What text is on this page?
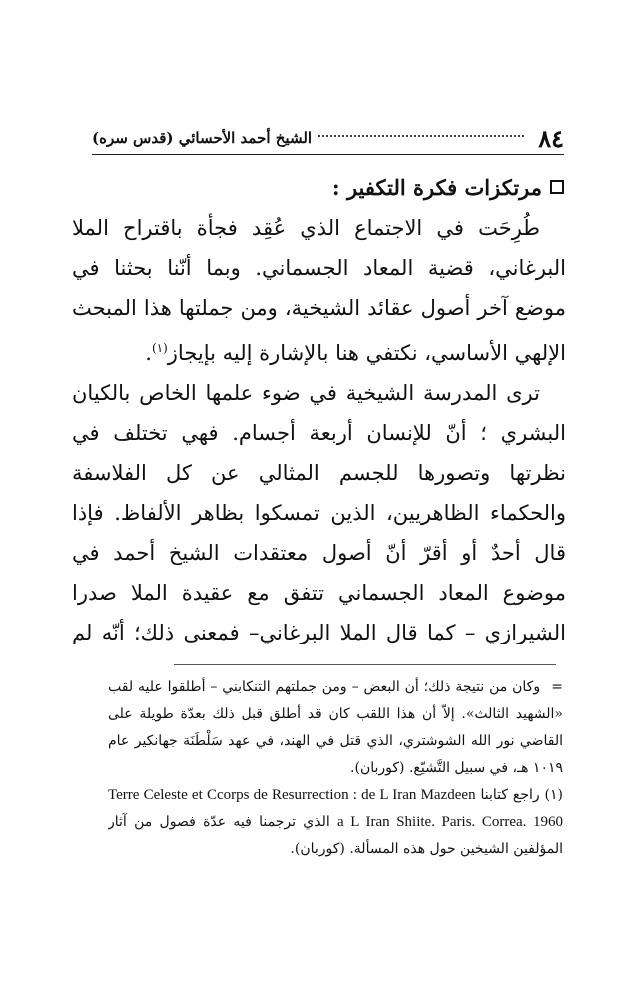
٨٤
الشيخ أحمد الأحسائي (قدس سره)
مرتكزات فكرة التكفير :

طُرِحَت في الاجتماع الذي عُقِد فجأة باقتراح الملا البرغاني، قضية المعاد الجسماني. وبما أنّنا بحثنا في موضع آخر أصول عقائد الشيخية، ومن جملتها هذا المبحث الإلهي الأساسي، نكتفي هنا بالإشارة إليه بإيجاز$^{(١)}$.

ترى المدرسة الشيخية في ضوء علمها الخاص بالكيان البشري ؛ أنّ للإنسان أربعة أجسام. فهي تختلف في نظرتها وتصورها للجسم المثالي عن كل الفلاسفة والحكماء الظاهريين، الذين تمسكوا بظاهر الألفاظ. فإذا قال أحدٌ أو أقرّ أنّ أصول معتقدات الشيخ أحمد في موضوع المعاد الجسماني تتفق مع عقيدة الملا صدرا الشيرازي – كما قال الملا البرغاني– فمعنى ذلك؛ أنّه لم

= وكان من نتيجة ذلك؛ أن البعض – ومن جملتهم التنكابني – أطلقوا عليه لقب «الشهيد الثالث». إلاّ أن هذا اللقب كان قد أطلق قبل ذلك بعدّة طويلة على القاضي نور الله الشوشتري، الذي قتل في الهند، في عهد سَلْطَنَة جهانكير عام ١٠١٩ هـ، في سبيل التَّشيّع. (كوربان).

(١) راجع كتابنا Terre Celeste et Ccorps de Resurrection : de L Iran Mazdeen a L Iran Shiite. Paris. Correa. 1960 الذي ترجمنا فيه عدّة فصول من آثار المؤلفين الشيخين حول هذه المسألة. (كوربان).
